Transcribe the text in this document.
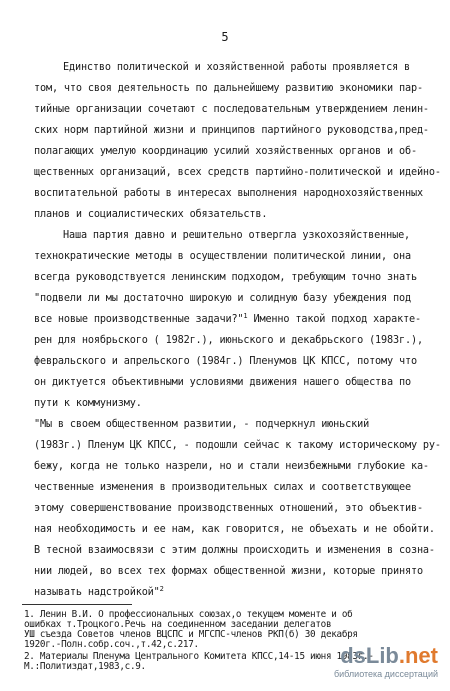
5
Единство политической и хозяйственной работы проявляется в
том, что своя деятельность по дальнейшему развитию экономики пар-
тийные организации сочетают с последовательным утверждением ленин-
ских норм партийной жизни и принципов партийного руководства,пред-
полагающих умелую координацию усилий хозяйственных органов и об-
щественных организаций, всех средств партийно-политической и идейно-
воспитательной работы в интересах выполнения народнохозяйственных
планов и социалистических обязательств.
Наша партия давно и решительно отвергла узкохозяйственные,
технократические методы в осуществлении политической линии, она
всегда руководствуется ленинским подходом, требующим точно знать
"подвели ли мы достаточно широкую и солидную базу убеждения под
все новые производственные задачи?"$^1$ Именно такой подход характе-
рен для ноябрьского ( 1982г.), июньского и декабрьского (1983г.),
февральского и апрельского (1984г.) Пленумов ЦК КПСС, потому что
он диктуется объективными условиями движения нашего общества по
пути к коммунизму.
"Мы в своем общественном развитии, - подчеркнул июньский
(1983г.) Пленум ЦК КПСС, - подошли сейчас к такому историческому ру-
бежу, когда не только назрели, но и стали неизбежными глубокие ка-
чественные изменения в производительных силах и соответствующее
этому совершенствование производственных отношений, это объектив-
ная необходимость и ее нам, как говорится, не объехать и не обойти.
В тесной взаимосвязи с этим должны происходить и изменения в созна-
нии людей, во всех тех формах общественной жизни, которые принято
называть надстройкой"$^2$
1. Ленин В.И. О профессиональных союзах,о текущем моменте и об
ошибках т.Троцкого.Речь на соединенном заседании делегатов
УШ съезда Советов членов ВЦСПС и МГСПС-членов РКП(б) 30 декабря
1920г.-Полн.собр.соч.,т.42,с.217.
2. Материалы Пленума Центрального Комитета КПСС,14-15 июня 1983г.-
М.:Политиздат,1983,с.9.	dsLib.net
библиотека диссертаций
